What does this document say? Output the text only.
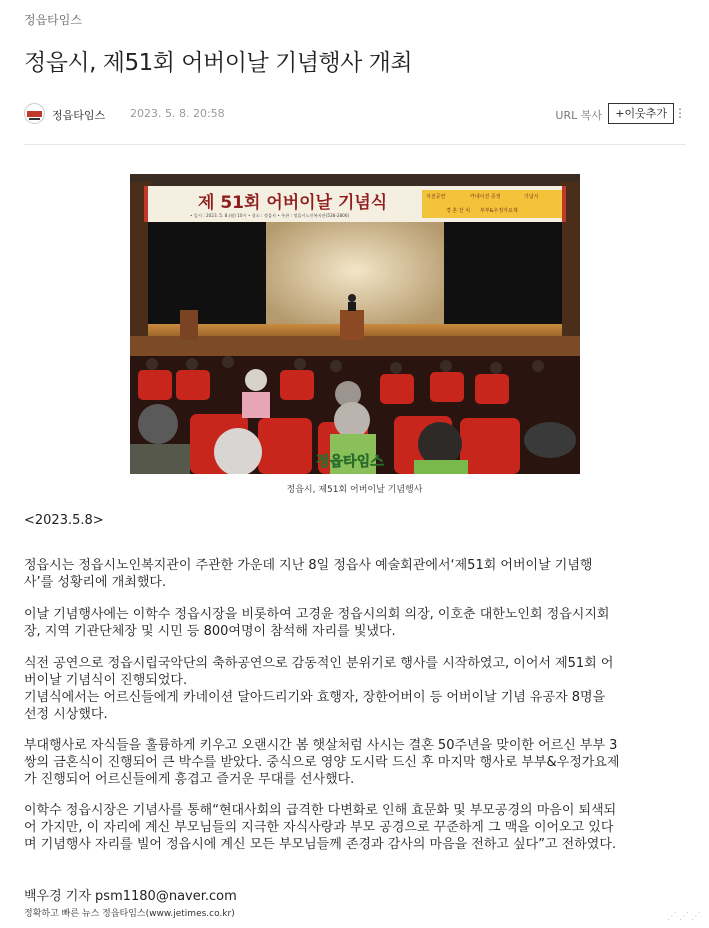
정읍타임스
정읍시, 제51회 어버이날 기념행사 개최
정읍타임스 2023. 5. 8. 20:58	URL 복사	+이웃추가 ⋮
제 51회 어버이날 기념식
• 일시 : 2023. 5. 8.(월) 10시 • 장소 : 정읍사 • 주관 : 정읍시노인복지관(538-2806)
식전공연	카네이션 증정	기념식
경 혼 잔 치 부부&우정가요제
정읍타임스
정읍시, 제51회 어버이날 기념행사
<2023.5.8>

정읍시는 정읍시노인복지관이 주관한 가운데 지난 8일 정읍사 예술회관에서‘제51회 어버이날 기념행

사’를 성황리에 개최했다.

이날 기념행사에는 이학수 정읍시장을 비롯하여 고경윤 정읍시의회 의장, 이호춘 대한노인회 정읍시지회

장, 지역 기관단체장 및 시민 등 800여명이 참석해 자리를 빛냈다.

식전 공연으로 정읍시립국악단의 축하공연으로 감동적인 분위기로 행사를 시작하였고, 이어서 제51회 어

버이날 기념식이 진행되었다.

기념식에서는 어르신들에게 카네이션 달아드리기와 효행자, 장한어버이 등 어버이날 기념 유공자 8명을

선정 시상했다.

부대행사로 자식들을 훌륭하게 키우고 오랜시간 봄 햇살처럼 사시는 결혼 50주년을 맞이한 어르신 부부 3

쌍의 금혼식이 진행되어 큰 박수를 받았다. 중식으로 영양 도시락 드신 후 마지막 행사로 부부&우정가요제

가 진행되어 어르신들에게 흥겹고 즐거운 무대를 선사했다.

이학수 정읍시장은 기념사를 통해“현대사회의 급격한 다변화로 인해 효문화 및 부모공경의 마음이 퇴색되

어 가지만, 이 자리에 계신 부모님들의 지극한 자식사랑과 부모 공경으로 꾸준하게 그 맥을 이어오고 있다

며 기념행사 자리를 빌어 정읍시에 계신 모든 부모님들께 존경과 감사의 마음을 전하고 싶다”고 전하였다.

백우경 기자 psm1180@naver.com
정확하고 빠른 뉴스 정읍타임스(www.jetimes.co.kr)	⋰⋰⋰
